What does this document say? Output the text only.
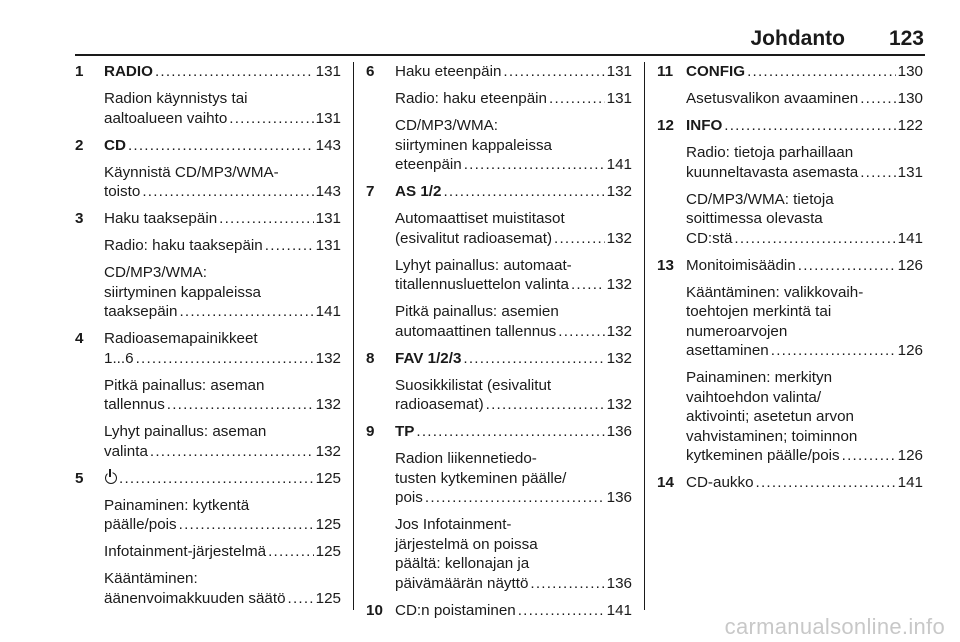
Johdanto 123
1	RADIO . . .	131
Radion käynnistys tai
aaltoalueen vaihto . . .	131
2	CD . . .	143
Käynnistä CD/MP3/WMA-
toisto . . .	143
3	Haku taaksepäin . . .	131
Radio: haku taaksepäin . . .	131
CD/MP3/WMA:
siirtyminen kappaleissa
taaksepäin . . .	141
4	Radioasemapainikkeet
1...6 . . .	132
Pitkä painallus: aseman
tallennus . . .	132
Lyhyt painallus: aseman
valinta . . .	132
5 . . .	125
Painaminen: kytkentä
päälle/pois . . .	125
Infotainment-järjestelmä . . .	125
Kääntäminen:
äänenvoimakkuuden säätö . . . 125
6	Haku eteenpäin . . .	131
Radio: haku eteenpäin . . .	131
CD/MP3/WMA:
siirtyminen kappaleissa
eteenpäin . . .	141
7	AS 1/2 . . .	132
Automaattiset muistitasot
(esivalitut radioasemat) . . .	132
Lyhyt painallus: automaat-
titallennusluettelon valinta . . . 132
Pitkä painallus: asemien
automaattinen tallennus . . .	132
8	FAV 1/2/3 . . .	132
Suosikkilistat (esivalitut
radioasemat) . . .	132
9	TP . . .	136
Radion liikennetiedo-
tusten kytkeminen päälle/
pois . . .	136
Jos Infotainment-
järjestelmä on poissa
päältä: kellonajan ja
päivämäärän näyttö . . .	136
10 CD:n poistaminen . . .	141
11 CONFIG . . .	130
Asetusvalikon avaaminen . . .	130
12 INFO . . .	122
Radio: tietoja parhaillaan
kuunneltavasta asemasta . . .	131
CD/MP3/WMA: tietoja
soittimessa olevasta
CD:stä . . .	141
13 Monitoimisäädin . . .	126
Kääntäminen: valikkovaih-
toehtojen merkintä tai
numeroarvojen
asettaminen . . .	126
Painaminen: merkityn
vaihtoehdon valinta/
aktivointi; asetetun arvon
vahvistaminen; toiminnon
kytkeminen päälle/pois . . .	126
14 CD-aukko . . .	141
carmanualsonline.info
